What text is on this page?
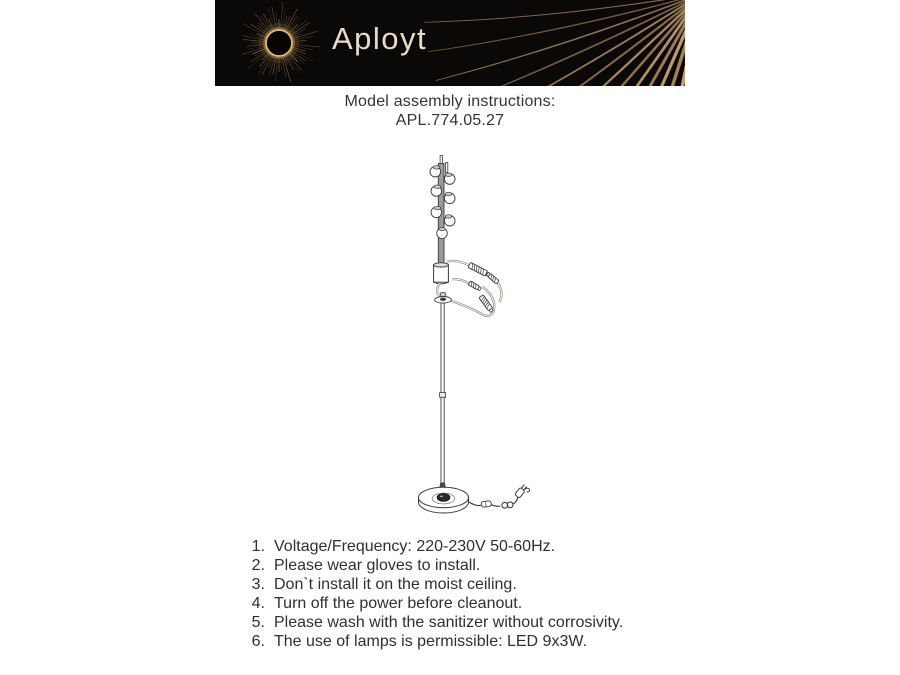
Aployt
Model assembly instructions:
APL.774.05.27
1. Voltage/Frequency: 220-230V 50-60Hz.
2. Please wear gloves to install.
3. Don`t install it on the moist ceiling.
4. Turn off the power before cleanout.
5. Please wash with the sanitizer without corrosivity.
6. The use of lamps is permissible: LED 9x3W.
